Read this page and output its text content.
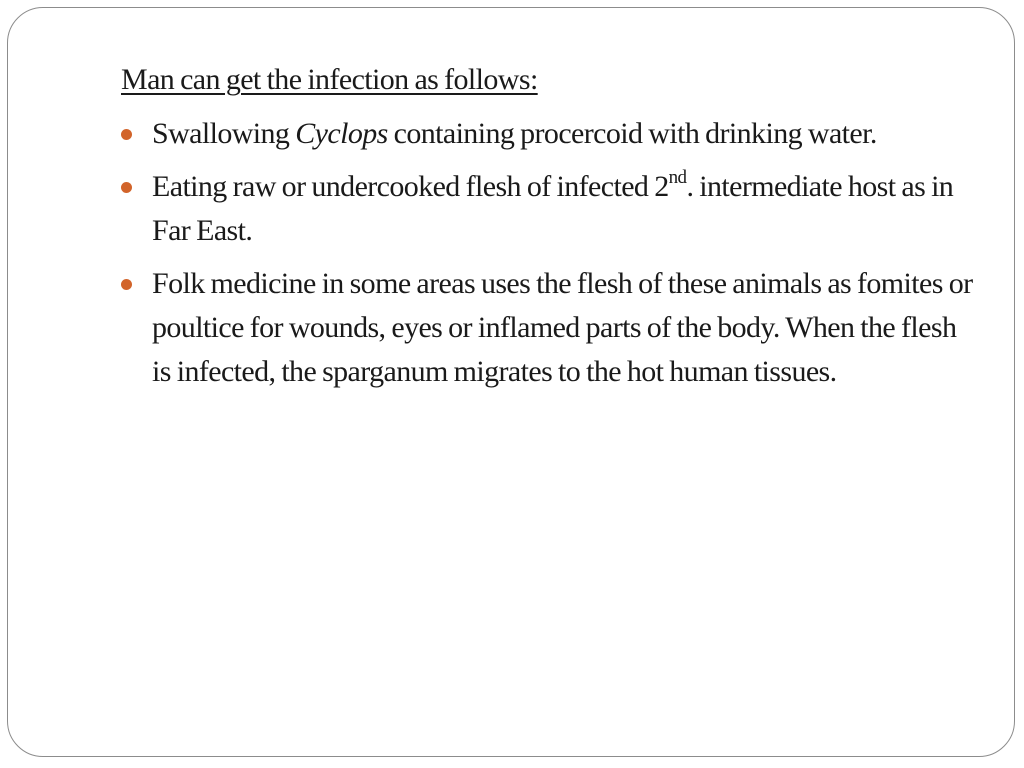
Man can get the infection as follows:
Swallowing Cyclops containing procercoid with drinking water.
Eating raw or undercooked flesh of infected 2nd. intermediate host as in Far East.
Folk medicine in some areas uses the flesh of these animals as fomites or poultice for wounds, eyes or inflamed parts of the body. When the flesh is infected, the sparganum migrates to the hot human tissues.
